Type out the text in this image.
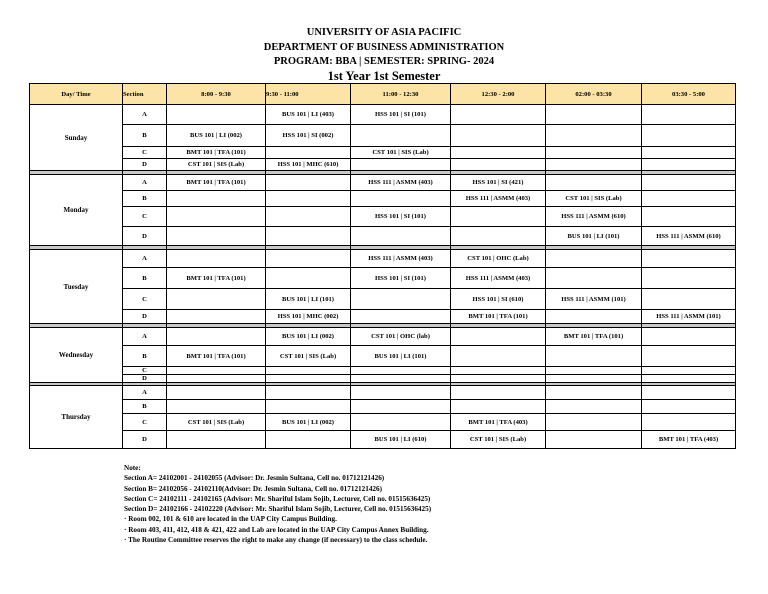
UNIVERSITY OF ASIA PACIFIC
DEPARTMENT OF BUSINESS ADMINISTRATION
PROGRAM: BBA | SEMESTER: SPRING- 2024
1st Year 1st Semester
Day/ Time	Section	8:00 - 9:30	9:30 - 11:00	11:00 - 12:30	12:30 - 2:00	02:00 - 03:30	03:30 - 5:00
Sunday	A		BUS 101 | LI (403)	HSS 101 | SI (101)			
	B	BUS 101 | LI (002)	HSS 101 | SI (002)				
	C	BMT 101 | TFA (101)		CST 101 | SIS (Lab)			
	D	CST 101 | SIS (Lab)	HSS 101 | MHC (610)				

Monday	A	BMT 101 | TFA (101)		HSS 111 | ASMM (403)	HSS 101 | SI (421)		
	B				HSS 111 | ASMM (403)	CST 101 | SIS (Lab)	
	C			HSS 101 | SI (101)		HSS 111 | ASMM (610)	
	D					BUS 101 | LI (101)	HSS 111 | ASMM (610)

Tuesday	A			HSS 111 | ASMM (403)	CST 101 | OHC (Lab)		
	B	BMT 101 | TFA (101)		HSS 101 | SI (101)	HSS 111 | ASMM (403)		
	C		BUS 101 | LI (101)		HSS 101 | SI (610)	HSS 111 | ASMM (101)	
	D		HSS 101 | MHC (002)		BMT 101 | TFA (101)		HSS 111 | ASMM (101)

Wednesday	A		BUS 101 | LI (002)	CST 101 | OHC (lab)		BMT 101 | TFA (101)	
	B	BMT 101 | TFA (101)	CST 101 | SIS (Lab)	BUS 101 | LI (101)			
	C						
	D						

Thursday	A						
	B						
	C	CST 101 | SIS (Lab)	BUS 101 | LI (002)		BMT 101 | TFA (403)		
	D			BUS 101 | LI (610)	CST 101 | SIS (Lab)		BMT 101 | TFA (403)
Note:
Section A= 24102001 - 24102055 (Advisor: Dr. Jesmin Sultana, Cell no. 01712121426)
Section B= 24102056 - 24102110(Advisor: Dr. Jesmin Sultana, Cell no. 01712121426)
Section C= 24102111 - 24102165 (Advisor: Mr. Shariful Islam Sojib, Lecturer, Cell no. 01515636425)
Section D= 24102166 - 24102220 (Advisor: Mr. Shariful Islam Sojib, Lecturer, Cell no. 01515636425)
· Room 002, 101 & 610 are located in the UAP City Campus Building.
· Room 403, 411, 412, 418 & 421, 422 and Lab are located in the UAP City Campus Annex Building.
· The Routine Committee reserves the right to make any change (if necessary) to the class schedule.
